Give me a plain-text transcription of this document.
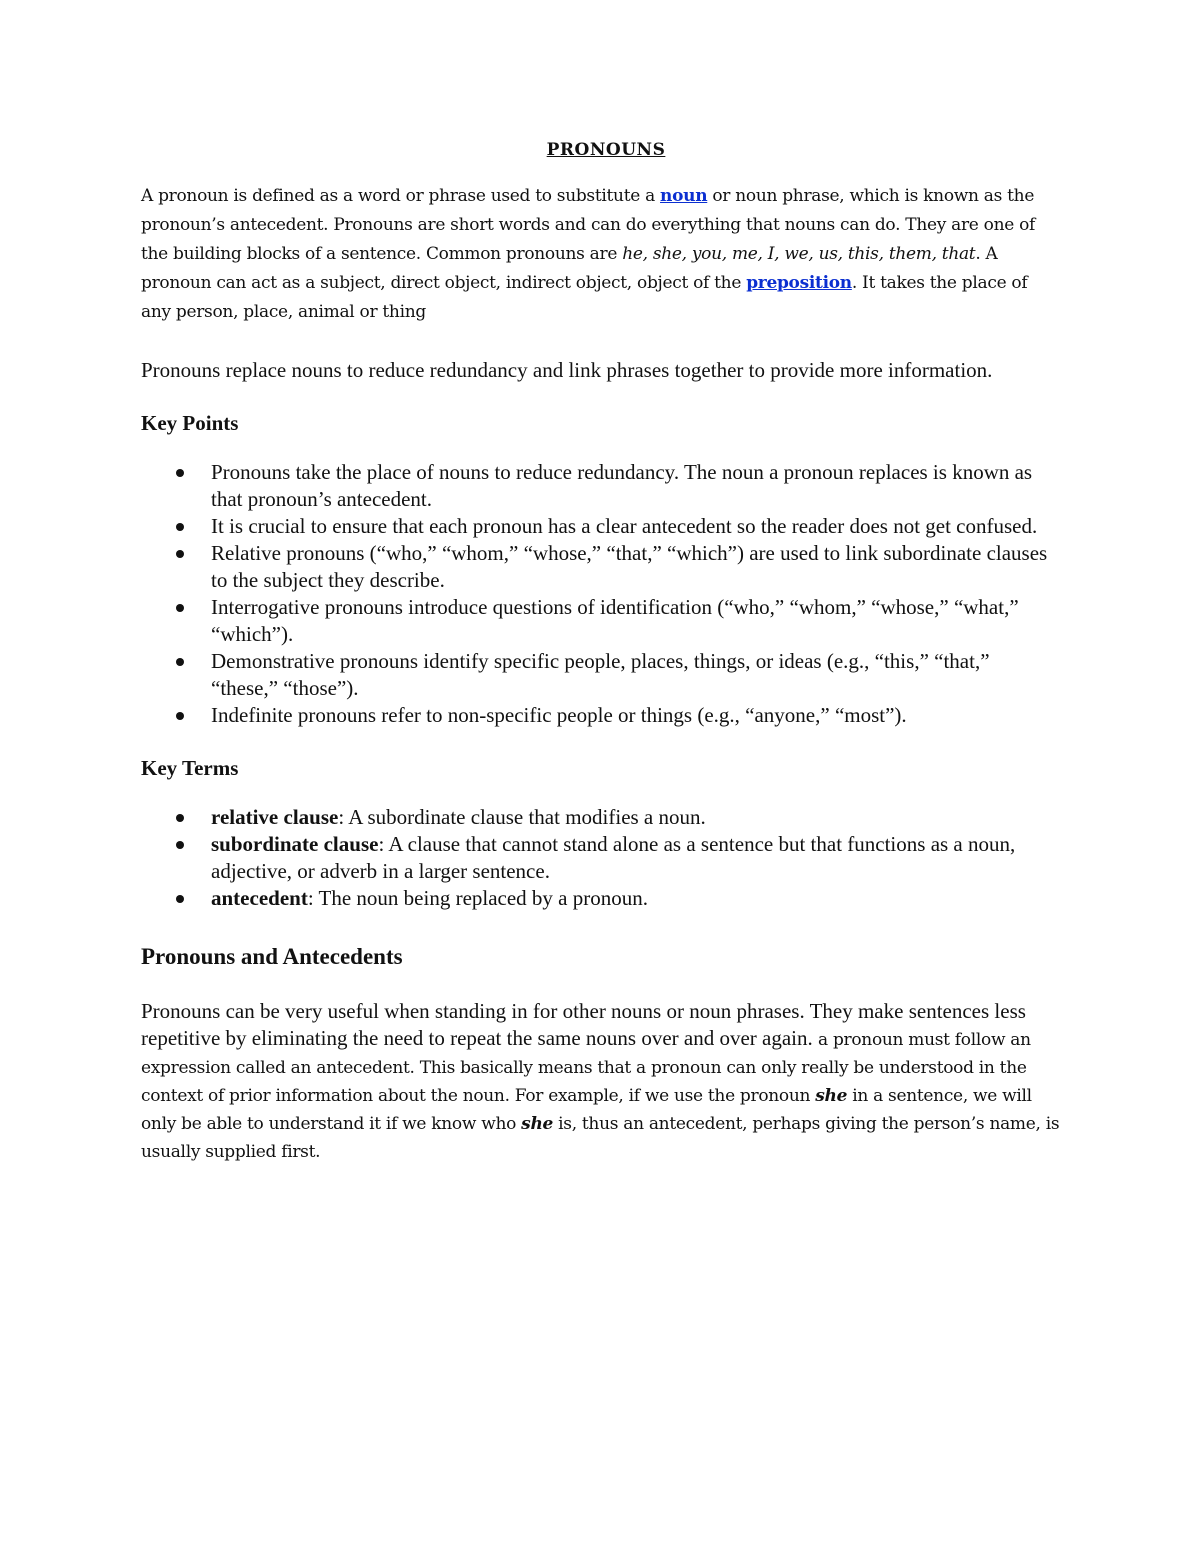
PRONOUNS

A pronoun is defined as a word or phrase used to substitute a noun or noun phrase, which is known as the pronoun’s antecedent. Pronouns are short words and can do everything that nouns can do. They are one of the building blocks of a sentence. Common pronouns are he, she, you, me, I, we, us, this, them, that. A pronoun can act as a subject, direct object, indirect object, object of the preposition. It takes the place of any person, place, animal or thing

Pronouns replace nouns to reduce redundancy and link phrases together to provide more information.

Key Points
Pronouns take the place of nouns to reduce redundancy. The noun a pronoun replaces is known as that pronoun’s antecedent.
It is crucial to ensure that each pronoun has a clear antecedent so the reader does not get confused.
Relative pronouns (“who,” “whom,” “whose,” “that,” “which”) are used to link subordinate clauses to the subject they describe.
Interrogative pronouns introduce questions of identification (“who,” “whom,” “whose,” “what,” “which”).
Demonstrative pronouns identify specific people, places, things, or ideas (e.g., “this,” “that,” “these,” “those”).
Indefinite pronouns refer to non-specific people or things (e.g., “anyone,” “most”).
Key Terms
relative clause: A subordinate clause that modifies a noun.
subordinate clause: A clause that cannot stand alone as a sentence but that functions as a noun, adjective, or adverb in a larger sentence.
antecedent: The noun being replaced by a pronoun.
Pronouns and Antecedents

Pronouns can be very useful when standing in for other nouns or noun phrases. They make sentences less repetitive by eliminating the need to repeat the same nouns over and over again. a pronoun must follow an expression called an antecedent. This basically means that a pronoun can only really be understood in the context of prior information about the noun. For example, if we use the pronoun she in a sentence, we will only be able to understand it if we know who she is, thus an antecedent, perhaps giving the person’s name, is usually supplied first.
